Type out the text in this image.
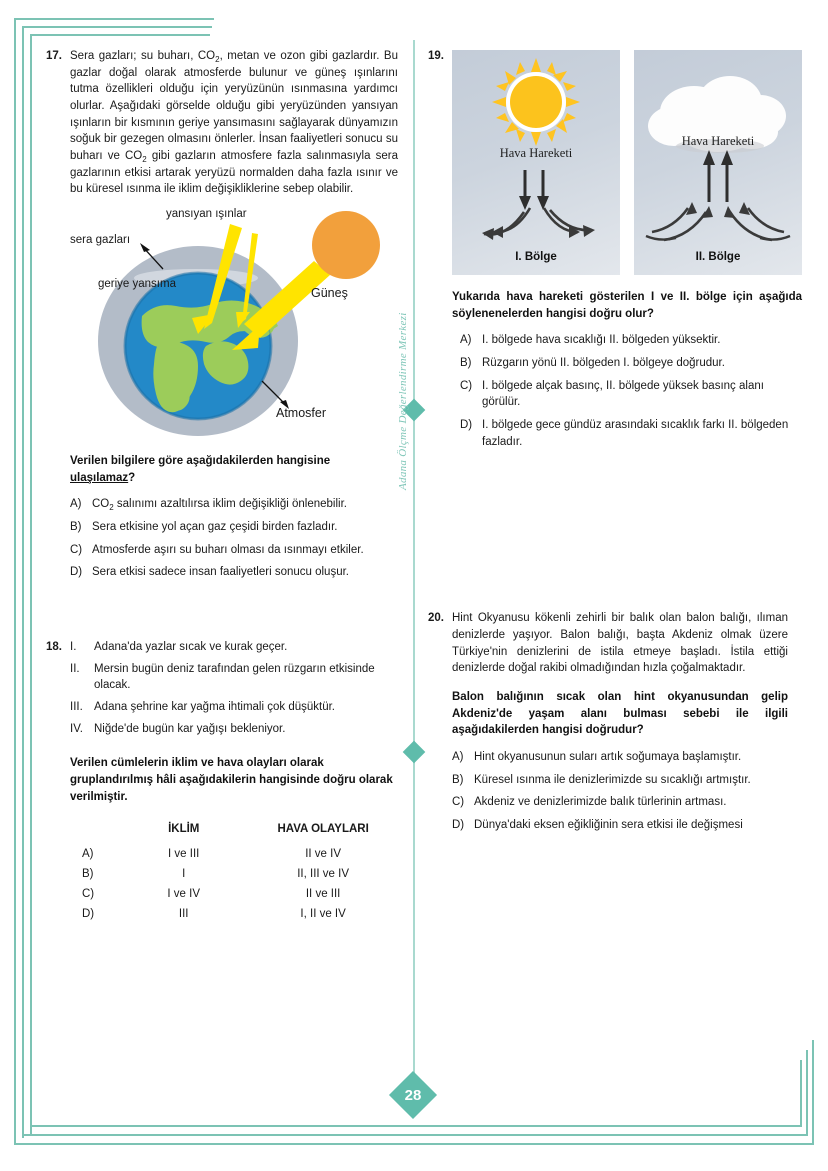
Adana Ölçme Değerlendirme Merkezi
28
17. Sera gazları; su buharı, $CO_2$, metan ve ozon gibi gazlardır. Bu gazlar doğal olarak atmosferde bulunur ve güneş ışınlarını tutma özellikleri olduğu için yeryüzünün ısınmasına yardımcı olurlar. Aşağıdaki görselde olduğu gibi yeryüzünden yansıyan ışınların bir kısmının geriye yansımasını sağlayarak dünyamızın soğuk bir gezegen olmasını önlerler. İnsan faaliyetleri sonucu su buharı ve $CO_2$ gibi gazların atmosfere fazla salınmasıyla sera gazlarının etkisi artarak yeryüzü normalden daha fazla ısınır ve bu küresel ısınma ile iklim değişikliklerine sebep olabilir.
sera gazları
yansıyan ışınlar
geriye yansıma
Güneş
Atmosfer
Verilen bilgilere göre aşağıdakilerden hangisine ulaşılamaz?
A) $CO_2$ salınımı azaltılırsa iklim değişikliği önlenebilir.
B) Sera etkisine yol açan gaz çeşidi birden fazladır.
C) Atmosferde aşırı su buharı olması da ısınmayı etkiler.
D) Sera etkisi sadece insan faaliyetleri sonucu oluşur.
18. I.	Adana'da yazlar sıcak ve kurak geçer.
II.	Mersin bugün deniz tarafından gelen rüzgarın etkisinde olacak.
III. Adana şehrine kar yağma ihtimali çok düşüktür.
IV. Niğde'de bugün kar yağışı bekleniyor.
Verilen cümlelerin iklim ve hava olayları olarak gruplandırılmış hâli aşağıdakilerin hangisinde doğru olarak verilmiştir.
	İKLİM	HAVA OLAYLARI
A)	I ve III	II ve IV
B)	I	II, III ve IV
C)	I ve IV	II ve III
D)	III	I, II ve IV
19.
Hava Hareketi
I. Bölge
Hava Hareketi
II. Bölge
Yukarıda hava hareketi gösterilen I ve II. bölge için aşağıda söylenenelerden hangisi doğru olur?
A) I. bölgede hava sıcaklığı II. bölgeden yüksektir.
B) Rüzgarın yönü II. bölgeden I. bölgeye doğrudur.
C) I. bölgede alçak basınç, II. bölgede yüksek basınç alanı görülür.
D) I. bölgede gece gündüz arasındaki sıcaklık farkı II. bölgeden fazladır.
20. Hint Okyanusu kökenli zehirli bir balık olan balon balığı, ılıman denizlerde yaşıyor. Balon balığı, başta Akdeniz olmak üzere Türkiye'nin denizlerini de istila etmeye başladı. İstila ettiği denizlerde doğal rakibi olmadığından hızla çoğalmaktadır.
Balon balığının sıcak olan hint okyanusundan gelip Akdeniz'de yaşam alanı bulması sebebi ile ilgili aşağıdakilerden hangisi doğrudur?
A) Hint okyanusunun suları artık soğumaya başlamıştır.
B) Küresel ısınma ile denizlerimizde su sıcaklığı artmıştır.
C) Akdeniz ve denizlerimizde balık türlerinin artması.
D) Dünya'daki eksen eğikliğinin sera etkisi ile değişmesi
